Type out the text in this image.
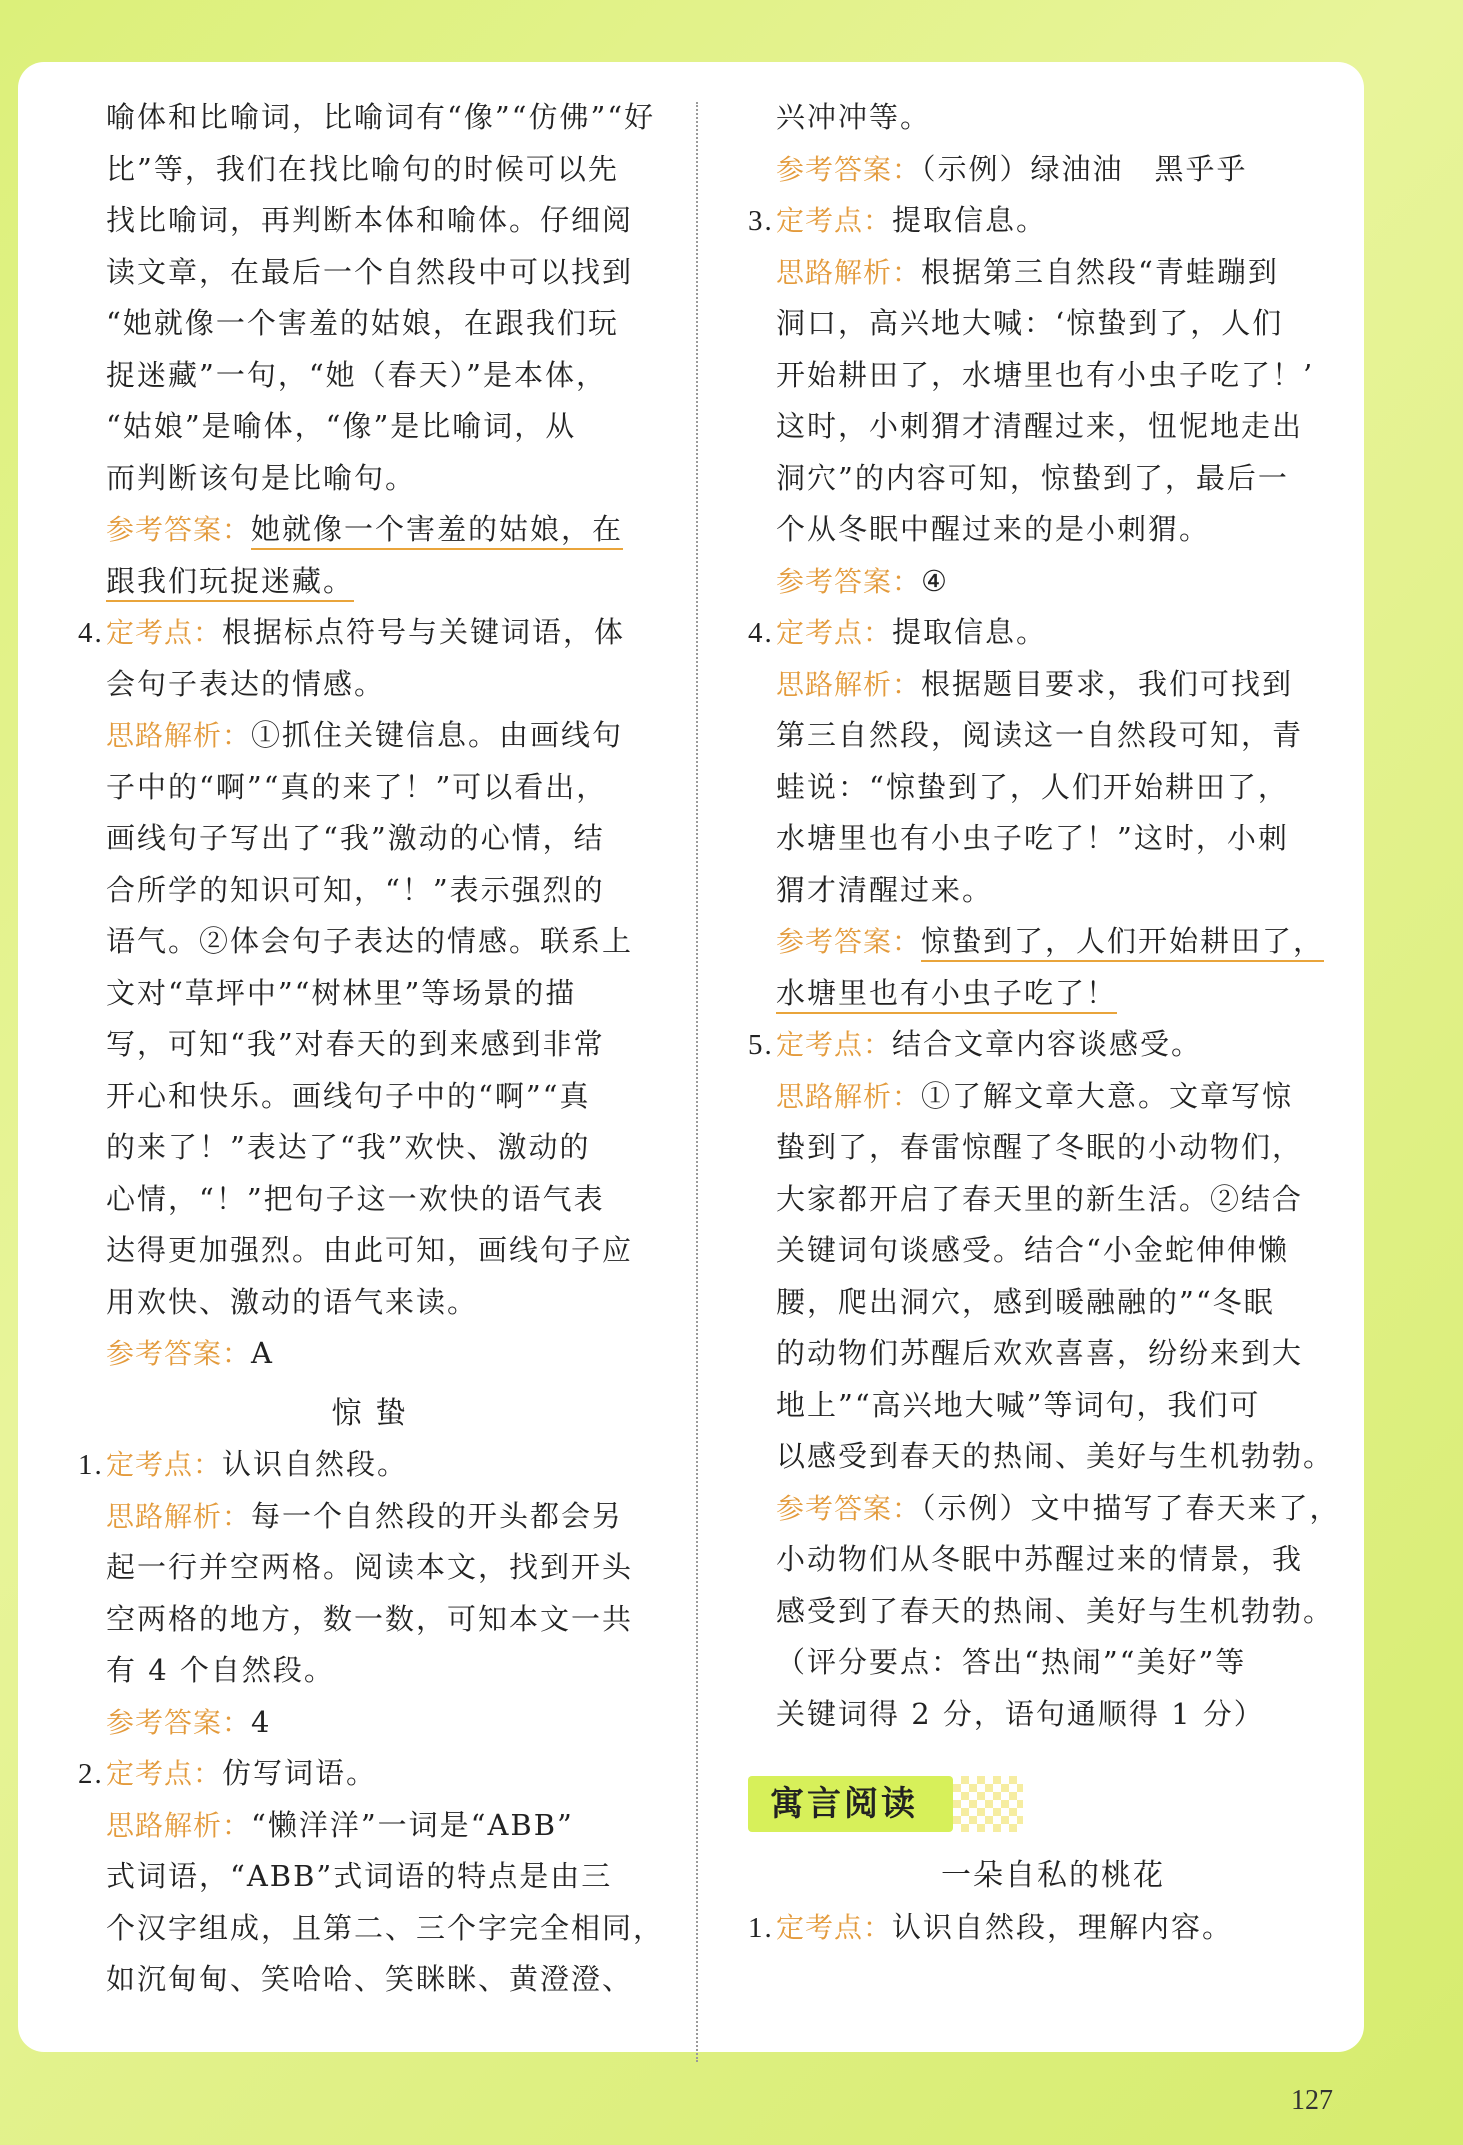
喻体和比喻词，比喻词有“像”“仿佛”“好
比”等，我们在找比喻句的时候可以先
找比喻词，再判断本体和喻体。仔细阅
读文章，在最后一个自然段中可以找到
“她就像一个害羞的姑娘，在跟我们玩
捉迷藏”一句，“她（春天）”是本体，
“姑娘”是喻体，“像”是比喻词，从
而判断该句是比喻句。
参考答案：她就像一个害羞的姑娘，在
跟我们玩捉迷藏。
4.定考点：根据标点符号与关键词语，体
会句子表达的情感。
思路解析：①抓住关键信息。由画线句
子中的“啊”“真的来了！”可以看出，
画线句子写出了“我”激动的心情，结
合所学的知识可知，“！”表示强烈的
语气。②体会句子表达的情感。联系上
文对“草坪中”“树林里”等场景的描
写，可知“我”对春天的到来感到非常
开心和快乐。画线句子中的“啊”“真
的来了！”表达了“我”欢快、激动的
心情，“！”把句子这一欢快的语气表
达得更加强烈。由此可知，画线句子应
用欢快、激动的语气来读。
参考答案：A
惊蛰
1.定考点：认识自然段。
思路解析：每一个自然段的开头都会另
起一行并空两格。阅读本文，找到开头
空两格的地方，数一数，可知本文一共
有 4 个自然段。
参考答案：4
2.定考点：仿写词语。
思路解析：“懒洋洋”一词是“ABB”
式词语，“ABB”式词语的特点是由三
个汉字组成，且第二、三个字完全相同，
如沉甸甸、笑哈哈、笑眯眯、黄澄澄、
兴冲冲等。
参考答案：（示例）绿油油　黑乎乎
3.定考点：提取信息。
思路解析：根据第三自然段“青蛙蹦到
洞口，高兴地大喊：‘惊蛰到了，人们
开始耕田了，水塘里也有小虫子吃了！’
这时，小刺猬才清醒过来，忸怩地走出
洞穴”的内容可知，惊蛰到了，最后一
个从冬眠中醒过来的是小刺猬。
参考答案：④
4.定考点：提取信息。
思路解析：根据题目要求，我们可找到
第三自然段，阅读这一自然段可知，青
蛙说：“惊蛰到了，人们开始耕田了，
水塘里也有小虫子吃了！”这时，小刺
猬才清醒过来。
参考答案：惊蛰到了，人们开始耕田了，
水塘里也有小虫子吃了！
5.定考点：结合文章内容谈感受。
思路解析：①了解文章大意。文章写惊
蛰到了，春雷惊醒了冬眠的小动物们，
大家都开启了春天里的新生活。②结合
关键词句谈感受。结合“小金蛇伸伸懒
腰，爬出洞穴，感到暖融融的”“冬眠
的动物们苏醒后欢欢喜喜，纷纷来到大
地上”“高兴地大喊”等词句，我们可
以感受到春天的热闹、美好与生机勃勃。
参考答案：（示例）文中描写了春天来了，
小动物们从冬眠中苏醒过来的情景，我
感受到了春天的热闹、美好与生机勃勃。
（评分要点：答出“热闹”“美好”等
关键词得 2 分，语句通顺得 1 分）
寓言阅读
一朵自私的桃花
1.定考点：认识自然段，理解内容。
127
